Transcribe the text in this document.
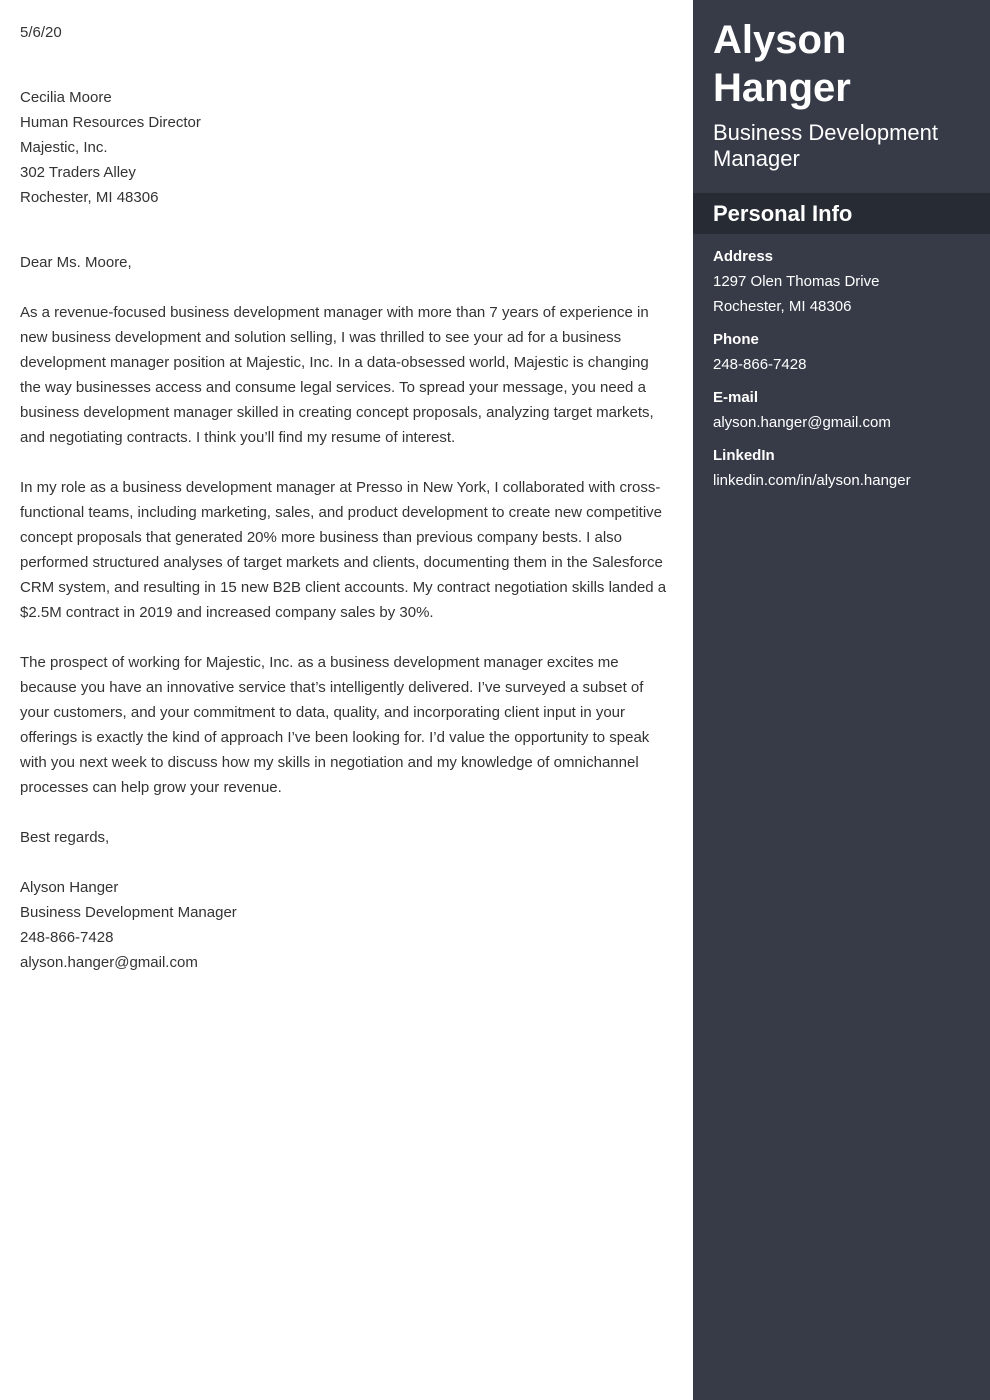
5/6/20
Cecilia Moore
Human Resources Director
Majestic, Inc.
302 Traders Alley
Rochester, MI 48306
Dear Ms. Moore,

As a revenue-focused business development manager with more than 7 years of experience in new business development and solution selling, I was thrilled to see your ad for a business development manager position at Majestic, Inc. In a data-obsessed world, Majestic is changing the way businesses access and consume legal services. To spread your message, you need a business development manager skilled in creating concept proposals, analyzing target markets, and negotiating contracts. I think you’ll find my resume of interest.

In my role as a business development manager at Presso in New York, I collaborated with cross-functional teams, including marketing, sales, and product development to create new competitive concept proposals that generated 20% more business than previous company bests. I also performed structured analyses of target markets and clients, documenting them in the Salesforce CRM system, and resulting in 15 new B2B client accounts. My contract negotiation skills landed a $2.5M contract in 2019 and increased company sales by 30%.

The prospect of working for Majestic, Inc. as a business development manager excites me because you have an innovative service that’s intelligently delivered. I’ve surveyed a subset of your customers, and your commitment to data, quality, and incorporating client input in your offerings is exactly the kind of approach I’ve been looking for. I’d value the opportunity to speak with you next week to discuss how my skills in negotiation and my knowledge of omnichannel processes can help grow your revenue.

Best regards,
Alyson Hanger
Business Development Manager
248-866-7428
alyson.hanger@gmail.com
Alyson
Hanger
Business Development Manager
Personal Info
Address
1297 Olen Thomas Drive
Rochester, MI 48306
Phone
248-866-7428
E-mail
alyson.hanger@gmail.com
LinkedIn
linkedin.com/in/alyson.hanger
